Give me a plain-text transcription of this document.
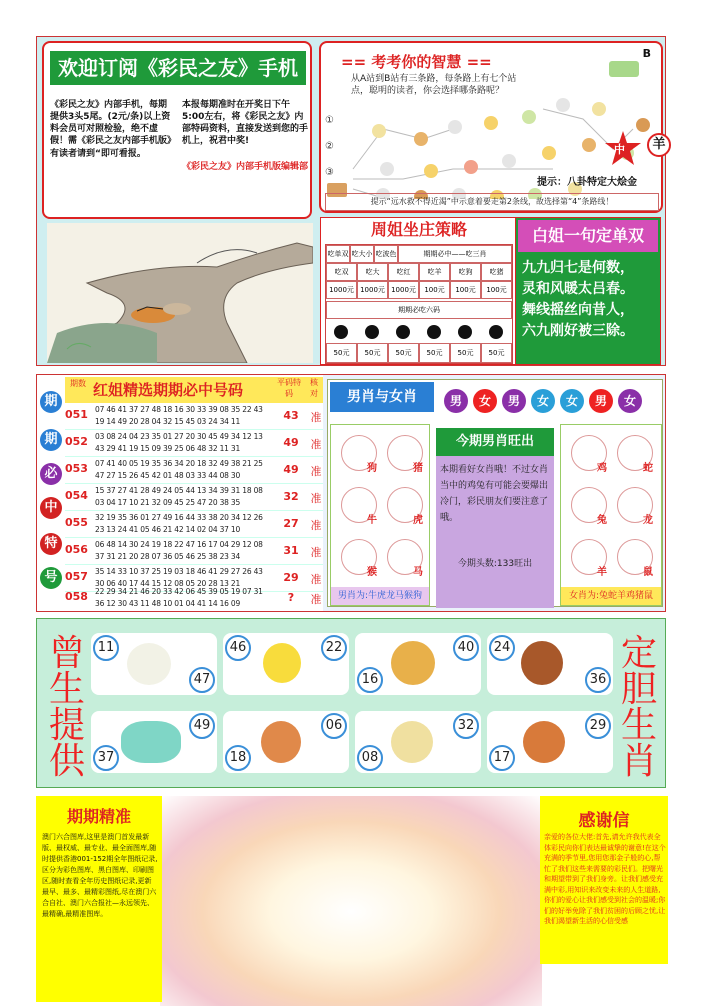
欢迎订阅《彩民之友》手机报
《彩民之友》内部手机，每期提供3头5尾。(2元/条)以上资料会员可对照检验，绝不虚假！需《彩民之友内部手机版》有读者请到“即可看报。
本报每期准时在开奖日下午5:00左右，将《彩民之友》内部特码资料，直接发送到您的手机上，祝君中奖!
《彩民之友》内部手机版编辑部
== 考考你的智慧 ==	B
从A站到B站有三条路，每条路上有七个站点，聪明的读者，你会选择哪条路呢？
①
②
③
中	羊
提示：八卦特定大烩金
提示“远水救不得近渴”中示意着要走第2条线，故选择第“4”条路线！
周姐坐庄策略
吃单双 吃大小 吃波色	期期必中——吃三肖
吃双	吃大	吃红	吃羊	吃狗	吃猪
1000元 1000元 1000元	100元	100元	100元
期期必吃六码
50元	50元	50元	50元	50元	50元
白姐一句定单双
九九归七是何数，
灵和风暖太吕春。
舞线摇丝向昔人，
六九刚好被三除。
期数 红姐精选期期必中号码	平码特码
核对
期
期
必
中
特
号
051 07 46 41 37 27 48 18 16 30 33 39 08 35 22 43 19 14 49 20 28 04 32 15 45 03 24 34 11	43	准
052 03 08 24 04 23 35 01 27 20 30 45 49 34 12 13 43 29 41 19 15 09 39 25 06 48 32 11 31	49	准
053 07 41 40 05 19 35 36 34 20 18 32 49 38 21 25 47 27 15 26 45 42 01 48 03 33 44 08 30	49	准
054 15 37 27 41 28 49 24 05 44 13 34 39 31 18 08 03 04 17 10 21 32 09 45 25 47 20 38 35	32	准
055 32 19 35 36 01 27 49 16 44 33 38 20 34 12 26 23 13 24 41 05 46 21 42 14 02 04 37 10	27	准
056 06 48 14 30 24 19 18 22 47 16 17 04 29 12 08 37 31 21 20 28 07 36 05 46 25 38 23 34	31	准
057 35 14 33 10 37 25 19 03 18 46 41 29 27 26 43 30 06 40 17 44 15 12 08 05 20 28 13 21	29	准
058 22 29 34 21 46 20 33 42 06 45 39 05 19 07 31 36 12 30 43 11 48 10 01 04 41 14 16 09	?	准
男肖与女肖	男	女	男	女	女	男	女
狗	猪
牛	虎
猴	马
男肖为:牛虎龙马猴狗
今期男肖旺出
本期看好女肖哦！不过女肖当中的鸡兔有可能会要爆出冷门，彩民朋友们要注意了哦。
今期头数:133旺出
鸡	蛇
兔	龙
羊	鼠
女肖为:兔蛇羊鸡猪鼠
曾
生
提
供
定
胆
生
肖
11
47
46	22	40
16
24
36
49
37
06
18
32
08
29
17
期期精准
澳门六合图库,这里是澳门首发最新版、最权威、最专业、最全面图库,随时提供香港001-152期全年图纸记录,区分为彩色图库、黑白图库、印刷图区,随时查看全年历史图纸记录,更新最早、最多、最精彩图纸,尽在澳门六合自社、澳门六合报社—永远领先、最精确,最精准图库。
感谢信
亲爱的各位大佬:首先,请允许我代表全体彩民向你们表达最诚挚的谢意!在这个充满的季节里,您用您那金子般的心,帮忙了我们这些来需要的彩民们。把曙光和期望带到了我们身旁。让我们感受充满中彩,用知识来改变未来的人生道路,你们的爱心让我们感受到社会的温暖;你们的好举免除了我们贫困的后顾之忧,让我们渴望新生活的心信受感
